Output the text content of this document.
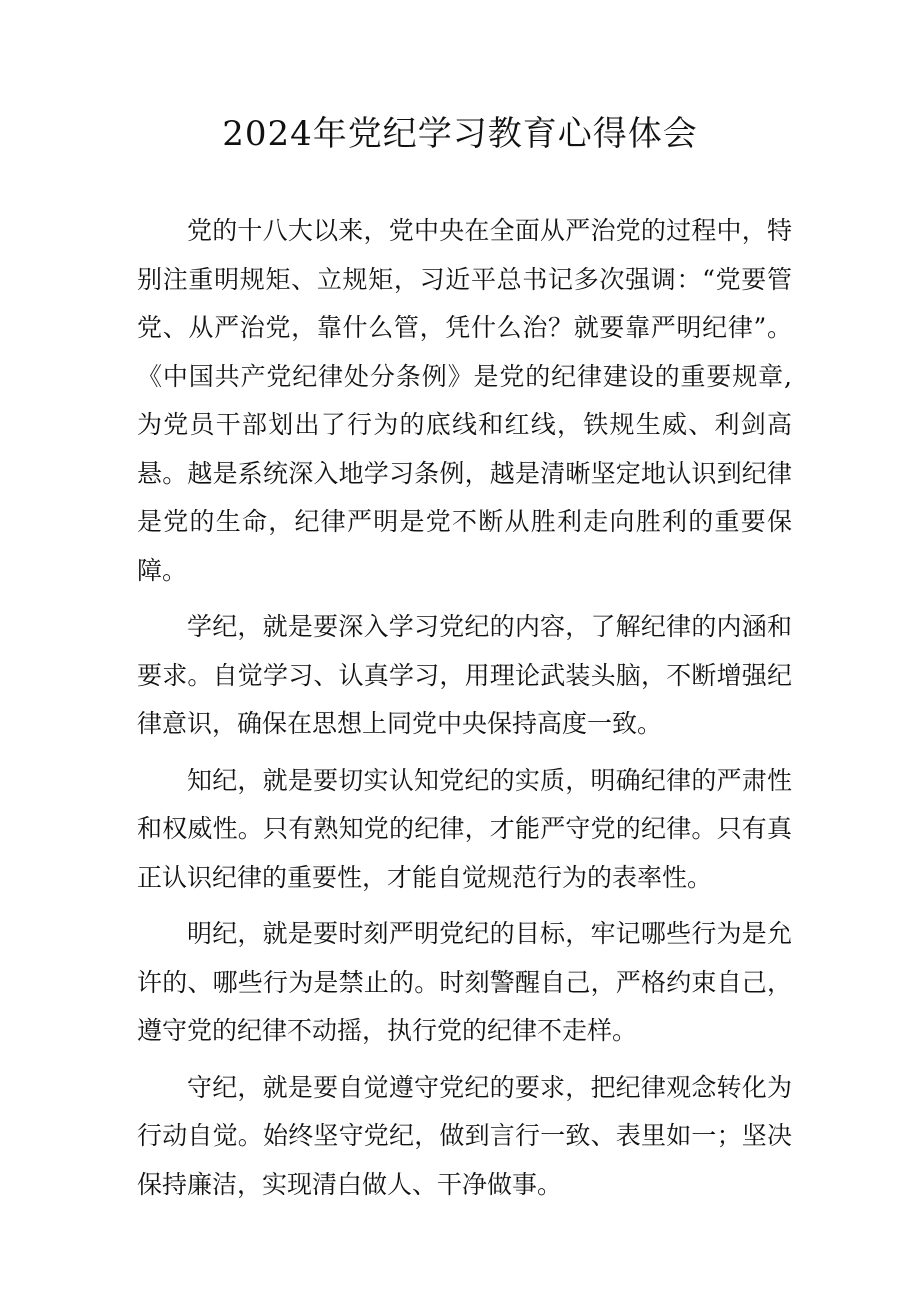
2024年党纪学习教育心得体会

党的十八大以来，党中央在全面从严治党的过程中，特别注重明规矩、立规矩，习近平总书记多次强调：“党要管党、从严治党，靠什么管，凭什么治？就要靠严明纪律”。《中国共产党纪律处分条例》是党的纪律建设的重要规章,为党员干部划出了行为的底线和红线，铁规生威、利剑高悬。越是系统深入地学习条例，越是清晰坚定地认识到纪律是党的生命，纪律严明是党不断从胜利走向胜利的重要保障。

学纪，就是要深入学习党纪的内容，了解纪律的内涵和要求。自觉学习、认真学习，用理论武装头脑，不断增强纪律意识，确保在思想上同党中央保持高度一致。

知纪，就是要切实认知党纪的实质，明确纪律的严肃性和权威性。只有熟知党的纪律，才能严守党的纪律。只有真正认识纪律的重要性，才能自觉规范行为的表率性。

明纪，就是要时刻严明党纪的目标，牢记哪些行为是允许的、哪些行为是禁止的。时刻警醒自己，严格约束自己，遵守党的纪律不动摇，执行党的纪律不走样。

守纪，就是要自觉遵守党纪的要求，把纪律观念转化为行动自觉。始终坚守党纪，做到言行一致、表里如一；坚决保持廉洁，实现清白做人、干净做事。
